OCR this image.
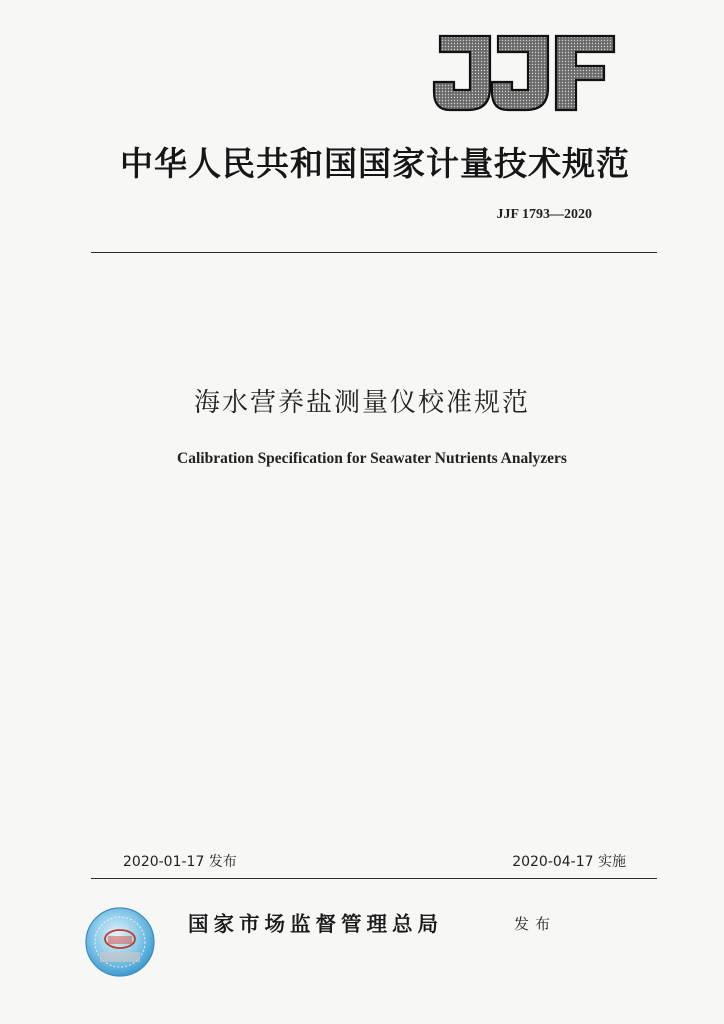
中华人民共和国国家计量技术规范
JJF 1793—2020
海水营养盐测量仪校准规范
Calibration Specification for Seawater Nutrients Analyzers
2020-01-17 发布	2020-04-17 实施
国家市场监督管理总局	发布
